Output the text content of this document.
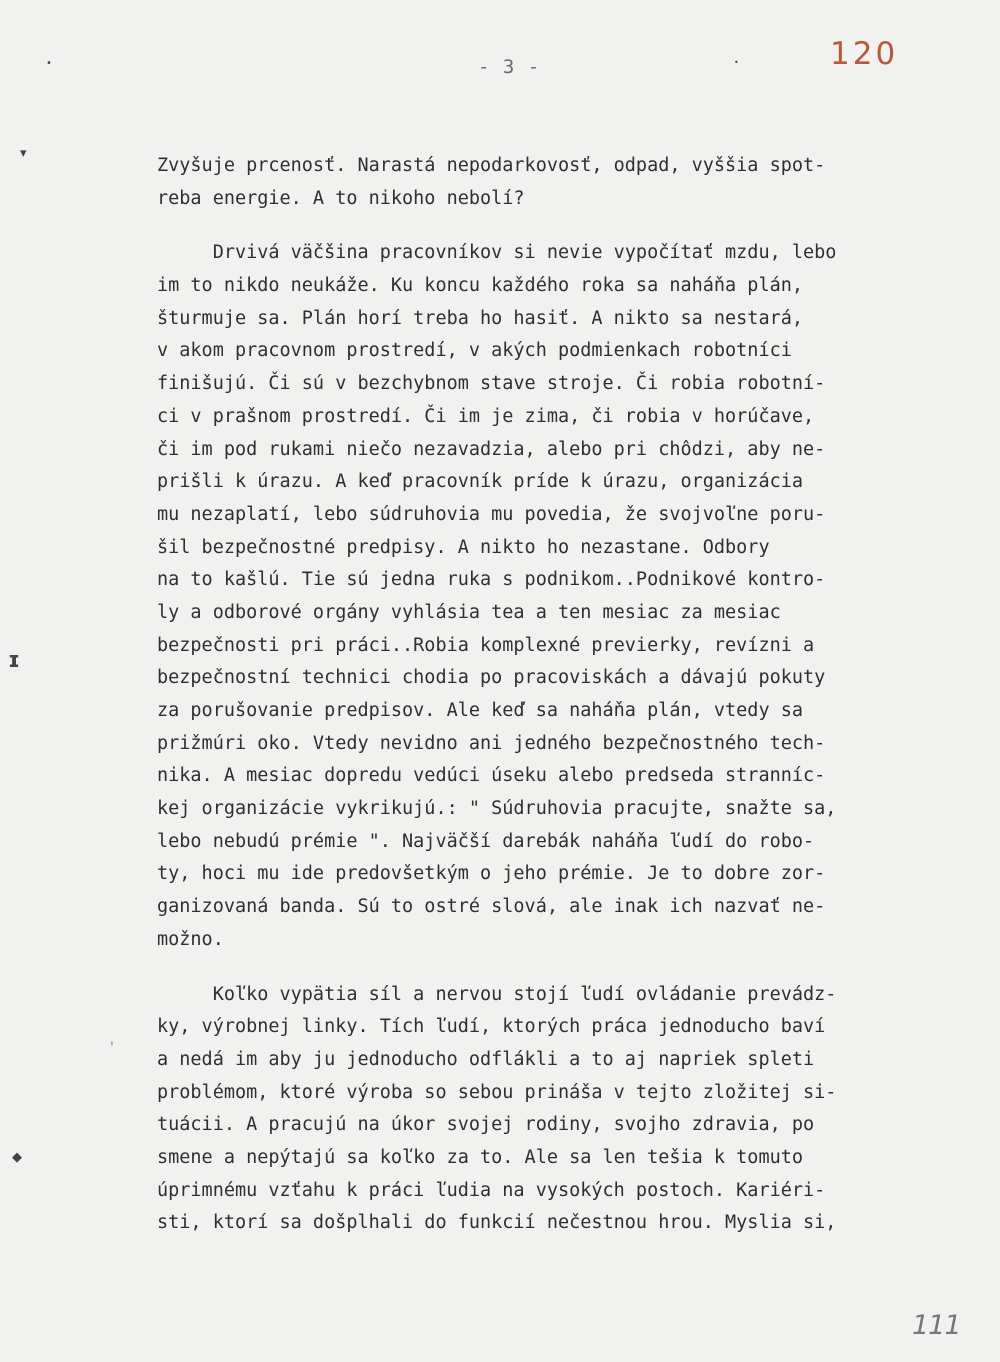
- 3 -	120
•
▾
•
ɪ
'
◆
Zvyšuje prcenosť. Narastá nepodarkovosť, odpad, vyššia spot-
reba energie. A to nikoho nebolí?
Drvivá väčšina pracovníkov si nevie vypočítať mzdu, lebo
im to nikdo neukáže. Ku koncu každého roka sa naháňa plán,
šturmuje sa. Plán horí treba ho hasiť. A nikto sa nestará,
v akom pracovnom prostredí, v akých podmienkach robotníci
finišujú. Či sú v bezchybnom stave stroje. Či robia robotní-
ci v prašnom prostredí. Či im je zima, či robia v horúčave,
či im pod rukami niečo nezavadzia, alebo pri chôdzi, aby ne-
prišli k úrazu. A keď pracovník príde k úrazu, organizácia
mu nezaplatí, lebo súdruhovia mu povedia, že svojvoľne poru-
šil bezpečnostné predpisy. A nikto ho nezastane. Odbory
na to kašlú. Tie sú jedna ruka s podnikom..Podnikové kontro-
ly a odborové orgány vyhlásia tea a ten mesiac za mesiac
bezpečnosti pri práci..Robia komplexné previerky, revízni a
bezpečnostní technici chodia po pracoviskách a dávajú pokuty
za porušovanie predpisov. Ale keď sa naháňa plán, vtedy sa
prižmúri oko. Vtedy nevidno ani jedného bezpečnostného tech-
nika. A mesiac dopredu vedúci úseku alebo predseda stranníc-
kej organizácie vykrikujú.: " Súdruhovia pracujte, snažte sa,
lebo nebudú prémie ". Najväčší darebák naháňa ľudí do robo-
ty, hoci mu ide predovšetkým o jeho prémie. Je to dobre zor-
ganizovaná banda. Sú to ostré slová, ale inak ich nazvať ne-
možno.
Koľko vypätia síl a nervou stojí ľudí ovládanie prevádz-
ky, výrobnej linky. Tích ľudí, ktorých práca jednoducho baví
a nedá im aby ju jednoducho odflákli a to aj napriek spleti
problémom, ktoré výroba so sebou prináša v tejto zložitej si-
tuácii. A pracujú na úkor svojej rodiny, svojho zdravia, po
smene a nepýtajú sa koľko za to. Ale sa len tešia k tomuto
úprimnému vzťahu k práci ľudia na vysokých postoch. Kariéri-
sti, ktorí sa došplhali do funkcií nečestnou hrou. Myslia si,
111
